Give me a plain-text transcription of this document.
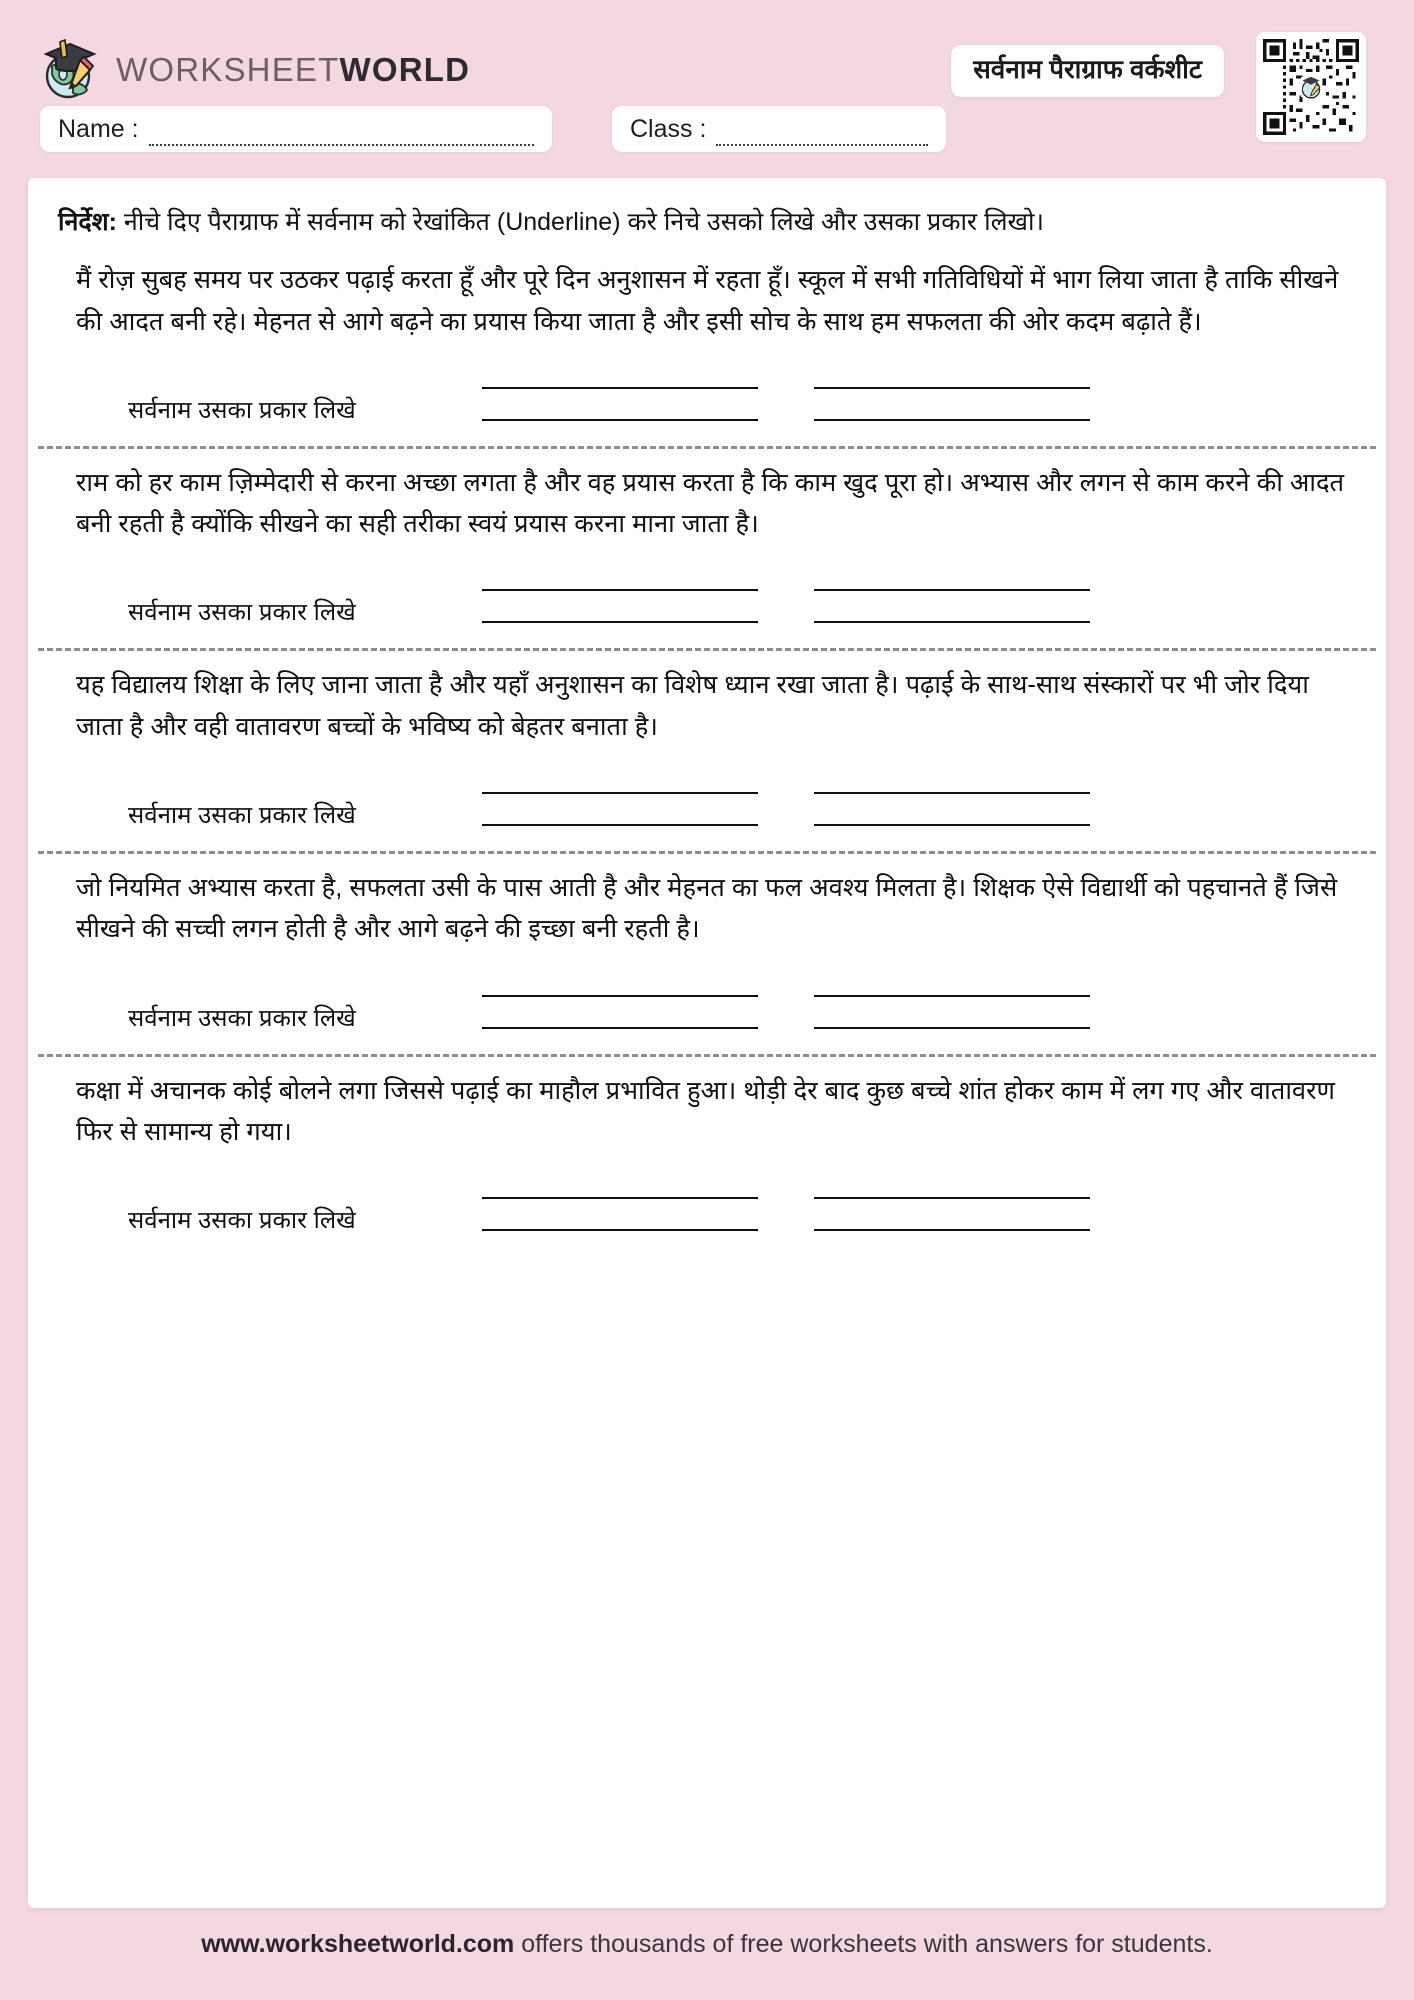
WORKSHEETWORLD	सर्वनाम पैराग्राफ वर्कशीट
Name :	Class :
निर्देश: नीचे दिए पैराग्राफ में सर्वनाम को रेखांकित (Underline) करे निचे उसको लिखे और उसका प्रकार लिखो।
मैं रोज़ सुबह समय पर उठकर पढ़ाई करता हूँ और पूरे दिन अनुशासन में रहता हूँ। स्कूल में सभी गतिविधियों में भाग लिया जाता है ताकि सीखने की आदत बनी रहे। मेहनत से आगे बढ़ने का प्रयास किया जाता है और इसी सोच के साथ हम सफलता की ओर कदम बढ़ाते हैं।
सर्वनाम उसका प्रकार लिखे
राम को हर काम ज़िम्मेदारी से करना अच्छा लगता है और वह प्रयास करता है कि काम खुद पूरा हो। अभ्यास और लगन से काम करने की आदत बनी रहती है क्योंकि सीखने का सही तरीका स्वयं प्रयास करना माना जाता है।
सर्वनाम उसका प्रकार लिखे
यह विद्यालय शिक्षा के लिए जाना जाता है और यहाँ अनुशासन का विशेष ध्यान रखा जाता है। पढ़ाई के साथ-साथ संस्कारों पर भी जोर दिया जाता है और वही वातावरण बच्चों के भविष्य को बेहतर बनाता है।
सर्वनाम उसका प्रकार लिखे
जो नियमित अभ्यास करता है, सफलता उसी के पास आती है और मेहनत का फल अवश्य मिलता है। शिक्षक ऐसे विद्यार्थी को पहचानते हैं जिसे सीखने की सच्ची लगन होती है और आगे बढ़ने की इच्छा बनी रहती है।
सर्वनाम उसका प्रकार लिखे
कक्षा में अचानक कोई बोलने लगा जिससे पढ़ाई का माहौल प्रभावित हुआ। थोड़ी देर बाद कुछ बच्चे शांत होकर काम में लग गए और वातावरण फिर से सामान्य हो गया।
सर्वनाम उसका प्रकार लिखे
www.worksheetworld.com offers thousands of free worksheets with answers for students.
